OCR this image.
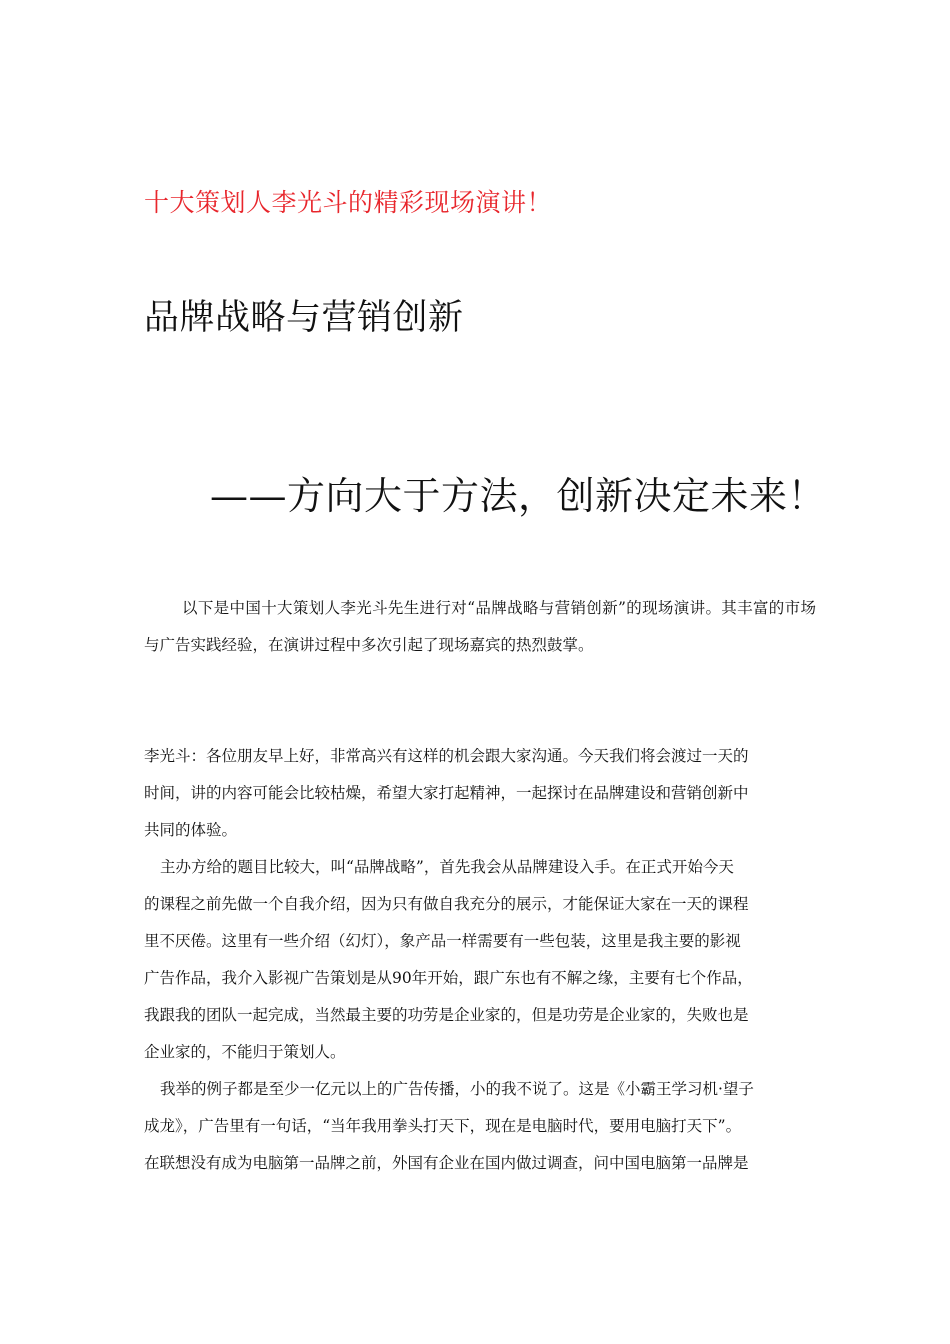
十大策划人李光斗的精彩现场演讲！
品牌战略与营销创新
——方向大于方法，创新决定未来！
以下是中国十大策划人李光斗先生进行对“品牌战略与营销创新”的现场演讲。其丰富的市场与广告实践经验，在演讲过程中多次引起了现场嘉宾的热烈鼓掌。
李光斗：各位朋友早上好，非常高兴有这样的机会跟大家沟通。今天我们将会渡过一天的
时间，讲的内容可能会比较枯燥，希望大家打起精神，一起探讨在品牌建设和营销创新中
共同的体验。
主办方给的题目比较大，叫“品牌战略”，首先我会从品牌建设入手。在正式开始今天
的课程之前先做一个自我介绍，因为只有做自我充分的展示，才能保证大家在一天的课程
里不厌倦。这里有一些介绍（幻灯），象产品一样需要有一些包装，这里是我主要的影视
广告作品，我介入影视广告策划是从90年开始，跟广东也有不解之缘，主要有七个作品，
我跟我的团队一起完成，当然最主要的功劳是企业家的，但是功劳是企业家的，失败也是
企业家的，不能归于策划人。
我举的例子都是至少一亿元以上的广告传播，小的我不说了。这是《小霸王学习机·望子
成龙》，广告里有一句话，“当年我用拳头打天下，现在是电脑时代，要用电脑打天下”。
在联想没有成为电脑第一品牌之前，外国有企业在国内做过调查，问中国电脑第一品牌是
